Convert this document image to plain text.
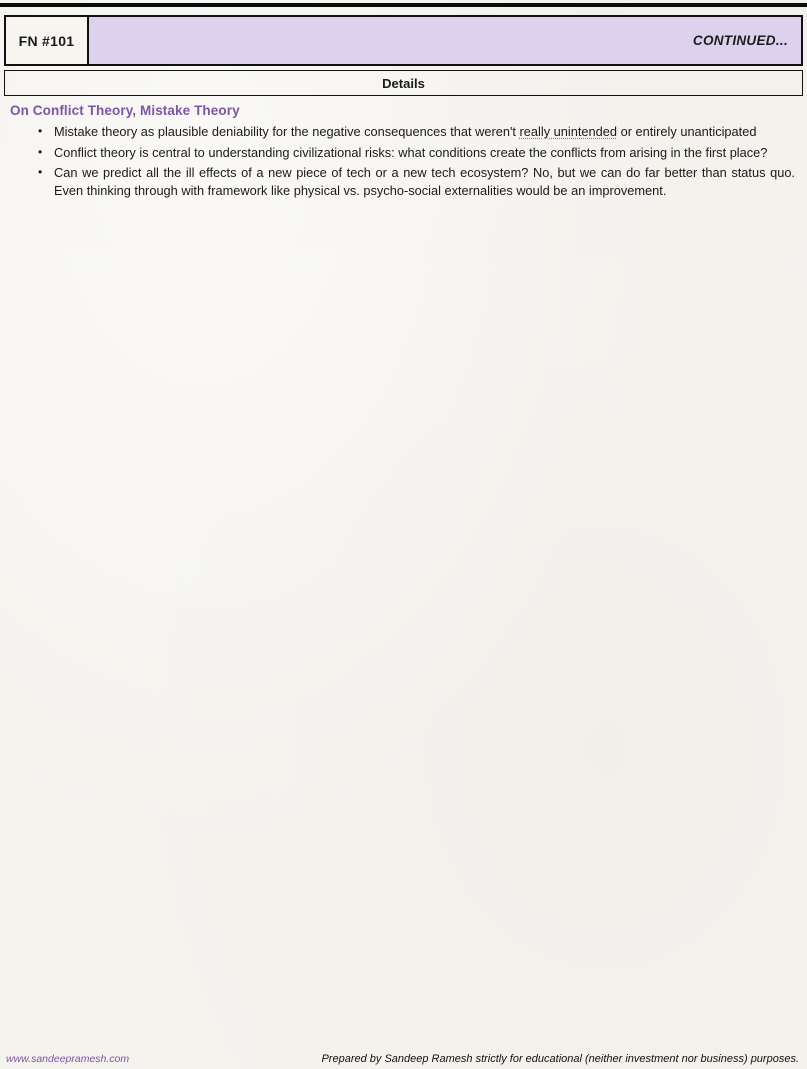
FN #101	CONTINUED...
Details
On Conflict Theory, Mistake Theory
• Mistake theory as plausible deniability for the negative consequences that weren't really unintended or entirely unanticipated
• Conflict theory is central to understanding civilizational risks: what conditions create the conflicts from arising in the first place?
• Can we predict all the ill effects of a new piece of tech or a new tech ecosystem? No, but we can do far better than status quo. Even thinking through with framework like physical vs. psycho-social externalities would be an improvement.
www.sandeepramesh.com	Prepared by Sandeep Ramesh strictly for educational (neither investment nor business) purposes.
